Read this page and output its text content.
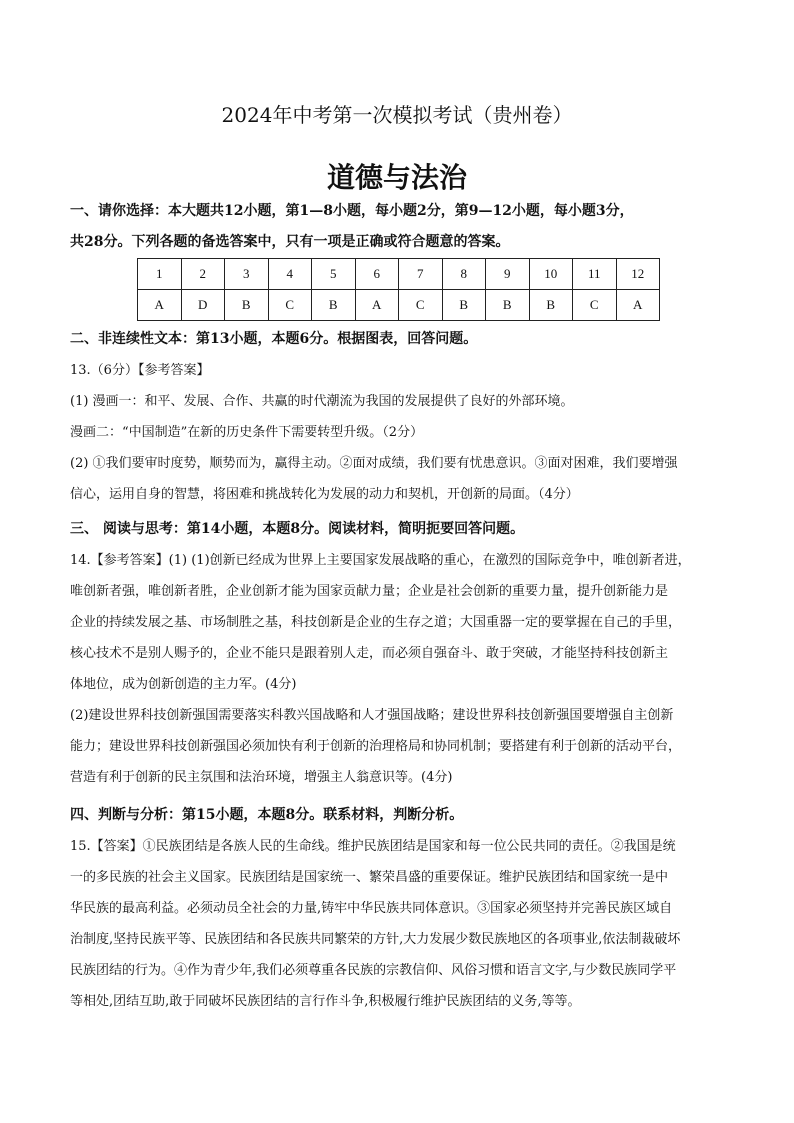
2024年中考第一次模拟考试（贵州卷）
道德与法治
一、请你选择：本大题共12小题，第1—8小题，每小题2分，第9—12小题，每小题3分，
共28分。下列各题的备选答案中，只有一项是正确或符合题意的答案。
1	2	3	4	5	6	7	8	9	10	11	12
A	D	B	C	B	A	C	B	B	B	C	A
二、非连续性文本：第13小题，本题6分。根据图表，回答问题。
13.（6分）【参考答案】
(1) 漫画一：和平、发展、合作、共赢的时代潮流为我国的发展提供了良好的外部环境。
漫画二：“中国制造”在新的历史条件下需要转型升级。（2分）
(2) ①我们要审时度势，顺势而为，赢得主动。②面对成绩，我们要有忧患意识。③面对困难，我们要增强
信心，运用自身的智慧，将困难和挑战转化为发展的动力和契机，开创新的局面。（4分）
三、 阅读与思考：第14小题，本题8分。阅读材料，简明扼要回答问题。
14.【参考答案】(1) (1)创新已经成为世界上主要国家发展战略的重心，在激烈的国际竞争中，唯创新者进，
唯创新者强，唯创新者胜，企业创新才能为国家贡献力量；企业是社会创新的重要力量，提升创新能力是
企业的持续发展之基、市场制胜之基，科技创新是企业的生存之道；大国重器一定的要掌握在自己的手里，
核心技术不是别人赐予的，企业不能只是跟着别人走，而必须自强奋斗、敢于突破，才能坚持科技创新主
体地位，成为创新创造的主力军。(4分)
(2)建设世界科技创新强国需要落实科教兴国战略和人才强国战略；建设世界科技创新强国要增强自主创新
能力；建设世界科技创新强国必须加快有利于创新的治理格局和协同机制；要搭建有利于创新的活动平台，
营造有利于创新的民主氛围和法治环境，增强主人翁意识等。(4分)
四、判断与分析：第15小题，本题8分。联系材料，判断分析。
15.【答案】①民族团结是各族人民的生命线。维护民族团结是国家和每一位公民共同的责任。②我国是统
一的多民族的社会主义国家。民族团结是国家统一、繁荣昌盛的重要保证。维护民族团结和国家统一是中
华民族的最高利益。必须动员全社会的力量,铸牢中华民族共同体意识。③国家必须坚持并完善民族区域自
治制度,坚持民族平等、民族团结和各民族共同繁荣的方针,大力发展少数民族地区的各项事业,依法制裁破坏
民族团结的行为。④作为青少年,我们必须尊重各民族的宗教信仰、风俗习惯和语言文字,与少数民族同学平
等相处,团结互助,敢于同破坏民族团结的言行作斗争,积极履行维护民族团结的义务,等等。
